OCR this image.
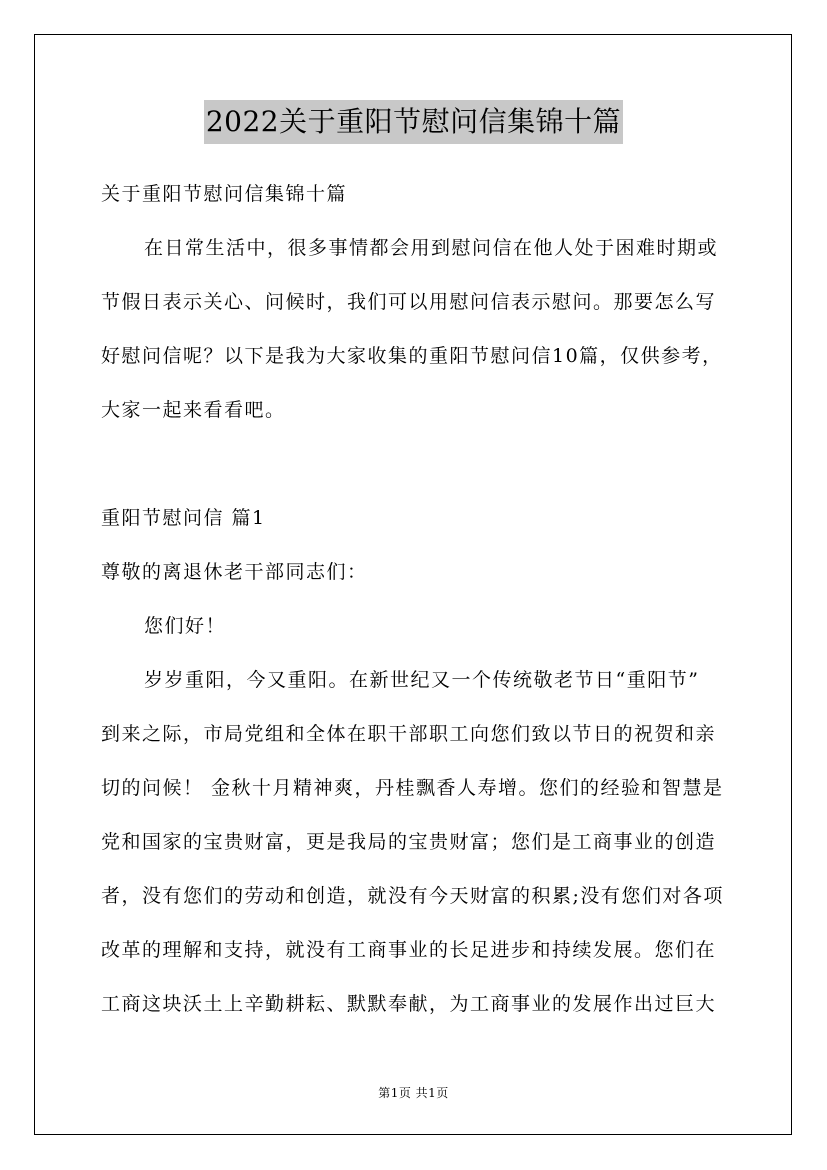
2022关于重阳节慰问信集锦十篇
关于重阳节慰问信集锦十篇
在日常生活中，很多事情都会用到慰问信在他人处于困难时期或
节假日表示关心、问候时，我们可以用慰问信表示慰问。那要怎么写
好慰问信呢？以下是我为大家收集的重阳节慰问信10篇，仅供参考，
大家一起来看看吧。
重阳节慰问信 篇1
尊敬的离退休老干部同志们：
您们好！
岁岁重阳，今又重阳。在新世纪又一个传统敬老节日“重阳节”
到来之际，市局党组和全体在职干部职工向您们致以节日的祝贺和亲
切的问候！ 金秋十月精神爽，丹桂飘香人寿增。您们的经验和智慧是
党和国家的宝贵财富，更是我局的宝贵财富；您们是工商事业的创造
者，没有您们的劳动和创造，就没有今天财富的积累;没有您们对各项
改革的理解和支持，就没有工商事业的长足进步和持续发展。您们在
工商这块沃土上辛勤耕耘、默默奉献，为工商事业的发展作出过巨大
第1页 共1页
